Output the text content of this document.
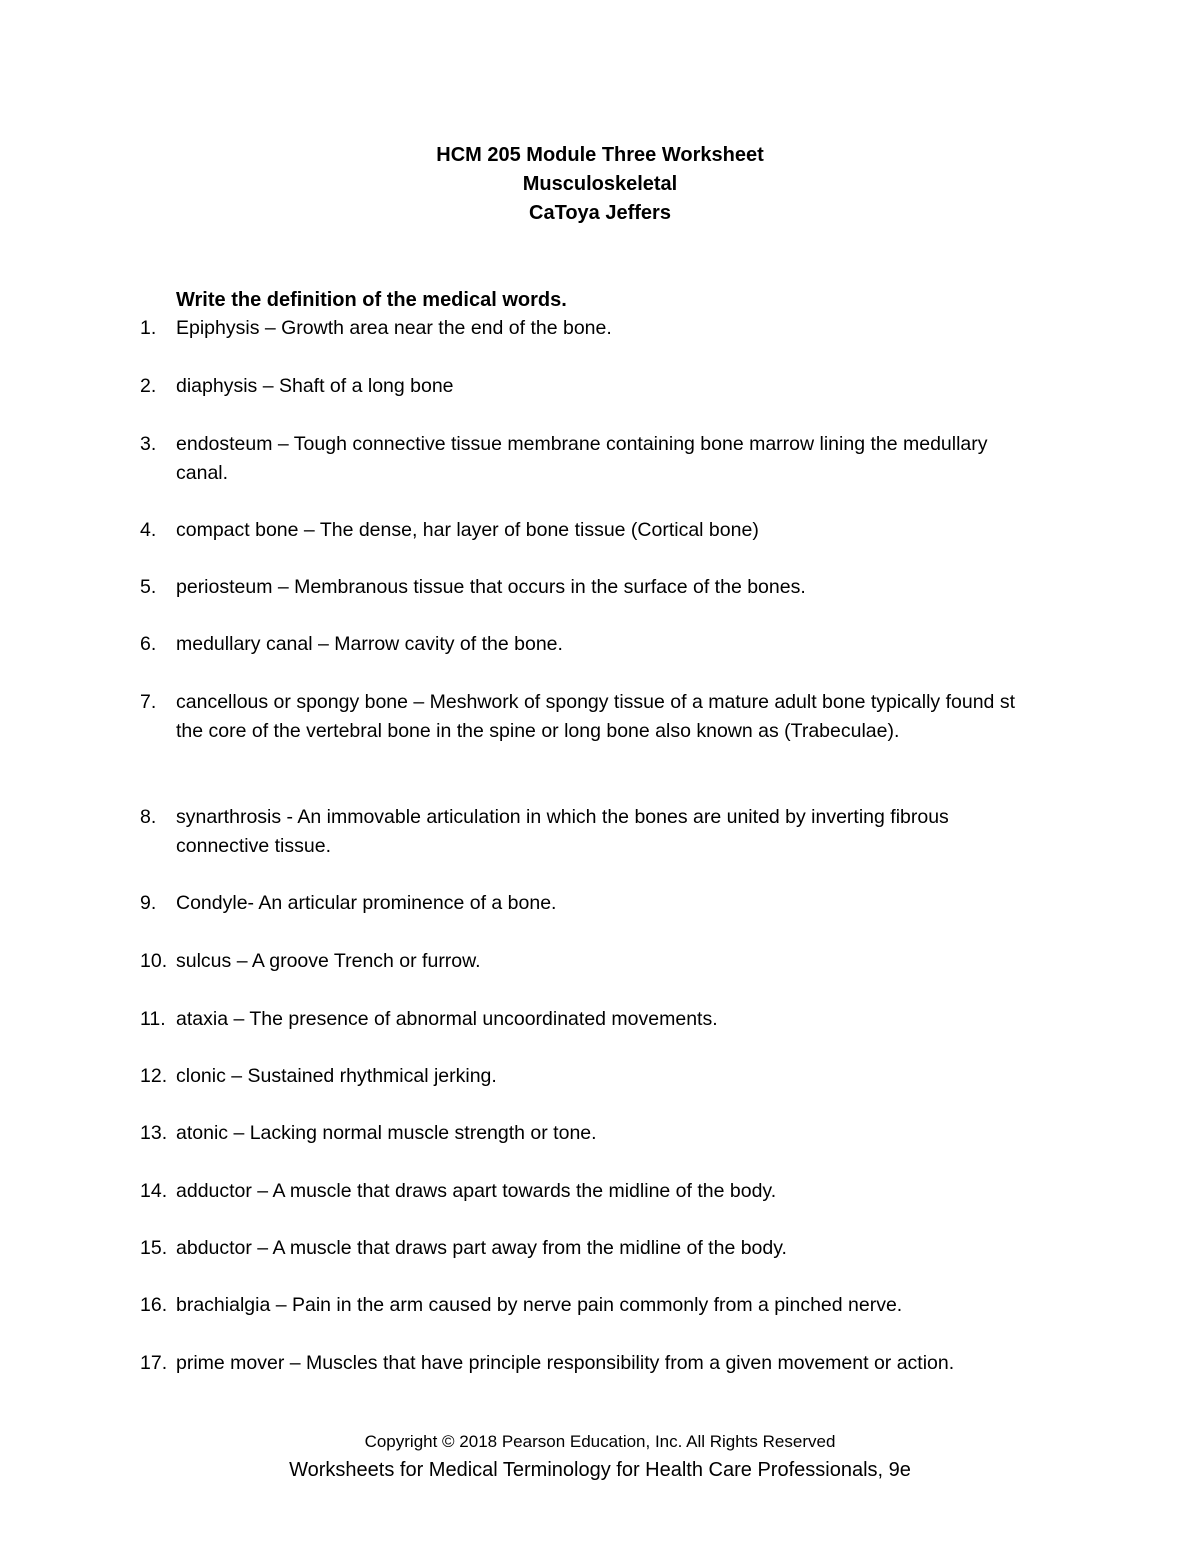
HCM 205 Module Three Worksheet
Musculoskeletal
CaToya Jeffers
Write the definition of the medical words.
1.	Epiphysis – Growth area near the end of the bone.
2.	diaphysis – Shaft of a long bone
3.	endosteum – Tough connective tissue membrane containing bone marrow lining the medullary canal.
4.	compact bone – The dense, har layer of bone tissue (Cortical bone)
5.	periosteum – Membranous tissue that occurs in the surface of the bones.
6.	medullary canal – Marrow cavity of the bone.
7.	cancellous or spongy bone – Meshwork of spongy tissue of a mature adult bone typically found st the core of the vertebral bone in the spine or long bone also known as (Trabeculae).
8.	synarthrosis - An immovable articulation in which the bones are united by inverting fibrous connective tissue.
9.	Condyle- An articular prominence of a bone.
10. sulcus – A groove Trench or furrow.
11. ataxia – The presence of abnormal uncoordinated movements.
12. clonic – Sustained rhythmical jerking.
13. atonic – Lacking normal muscle strength or tone.
14. adductor – A muscle that draws apart towards the midline of the body.
15. abductor – A muscle that draws part away from the midline of the body.
16. brachialgia – Pain in the arm caused by nerve pain commonly from a pinched nerve.
17. prime mover – Muscles that have principle responsibility from a given movement or action.
Copyright © 2018 Pearson Education, Inc. All Rights Reserved
Worksheets for Medical Terminology for Health Care Professionals, 9e
